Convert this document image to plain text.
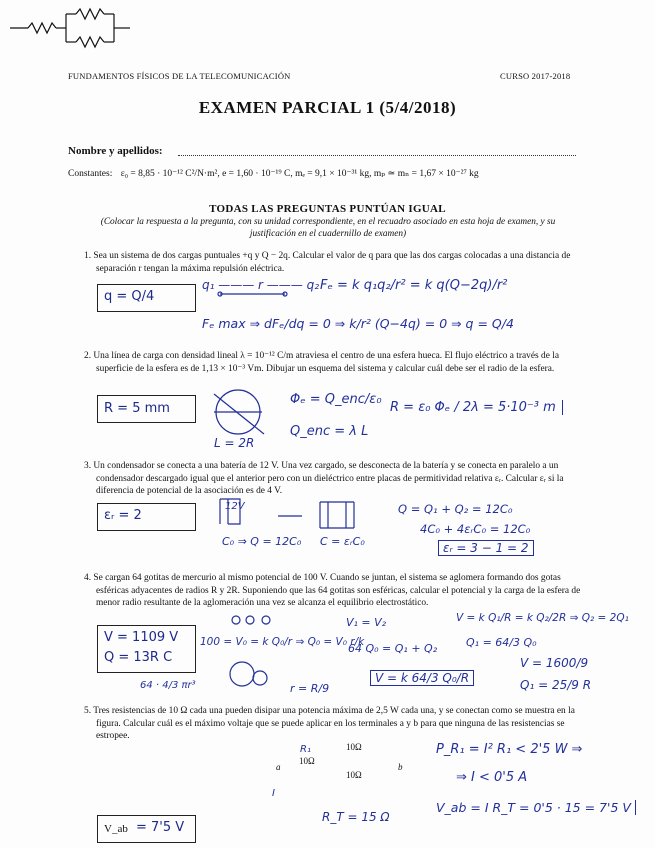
FUNDAMENTOS FÍSICOS DE LA TELECOMUNICACIÓN	CURSO 2017-2018
EXAMEN PARCIAL 1 (5/4/2018)
Nombre y apellidos:
Constantes: ε₀ = 8,85 · 10⁻¹² C²/N·m², e = 1,60 · 10⁻¹⁹ C, mₑ = 9,1 × 10⁻³¹ kg, mₚ ≃ mₙ = 1,67 × 10⁻²⁷ kg
TODAS LAS PREGUNTAS PUNTÚAN IGUAL
(Colocar la respuesta a la pregunta, con su unidad correspondiente, en el recuadro asociado en esta hoja de examen, y su justificación en el cuadernillo de examen)
1. Sea un sistema de dos cargas puntuales +q y Q − 2q. Calcular el valor de q para que las dos cargas colocadas a una distancia de separación r tengan la máxima repulsión eléctrica.
q = Q/4
q₁ ——— r ——— q₂ Fₑ = k q₁q₂/r² = k q(Q−2q)/r²
Fₑ max ⇒ dFₑ/dq = 0 ⇒ k/r² (Q−4q) = 0 ⇒ q = Q/4
2. Una línea de carga con densidad lineal λ = 10⁻¹² C/m atraviesa el centro de una esfera hueca. El flujo eléctrico a través de la superficie de la esfera es de 1,13 × 10⁻³ Vm. Dibujar un esquema del sistema y calcular cuál debe ser el radio de la esfera.
R = 5 mm
L = 2R
Φₑ = Q_enc/ε₀
Q_enc = λ L
R = ε₀ Φₑ / 2λ = 5·10⁻³ m
3. Un condensador se conecta a una batería de 12 V. Una vez cargado, se desconecta de la batería y se conecta en paralelo a un condensador descargado igual que el anterior pero con un dieléctrico entre placas de permitividad relativa εᵣ. Calcular εᵣ si la diferencia de potencial de la asociación es de 4 V.
εᵣ = 2
12V
C₀ ⇒ Q = 12C₀ C = εᵣC₀
Q = Q₁ + Q₂ = 12C₀
4C₀ + 4εᵣC₀ = 12C₀
εᵣ = 3 − 1 = 2
4. Se cargan 64 gotitas de mercurio al mismo potencial de 100 V. Cuando se juntan, el sistema se aglomera formando dos gotas esféricas adyacentes de radios R y 2R. Suponiendo que las 64 gotitas son esféricas, calcular el potencial y la carga de la esfera de menor radio resultante de la aglomeración una vez se alcanza el equilibrio electrostático.
V = 1109 V
Q = 13R C
100 = V₀ = k Q₀/r ⇒ Q₀ = V₀ r/k
V₁ = V₂
64 Q₀ = Q₁ + Q₂
V = k Q₁/R = k Q₂/2R ⇒ Q₂ = 2Q₁
Q₁ = 64/3 Q₀
V = k 64/3 Q₀/R
V = 1600/9
Q₁ = 25/9 R
r = R/9
64 · 4/3 πr³
5. Tres resistencias de 10 Ω cada una pueden disipar una potencia máxima de 2,5 W cada una, y se conectan como se muestra en la figura. Calcular cuál es el máximo voltaje que se puede aplicar en los terminales a y b para que ninguna de las resistencias se estropee.
10Ω
10Ω
10Ω
a	b
R₁
I
P_R₁ = I² R₁ < 2'5 W ⇒
⇒ I < 0'5 A
V_ab = I R_T = 0'5 · 15 = 7'5 V
R_T = 15 Ω
V_ab = 7'5 V
